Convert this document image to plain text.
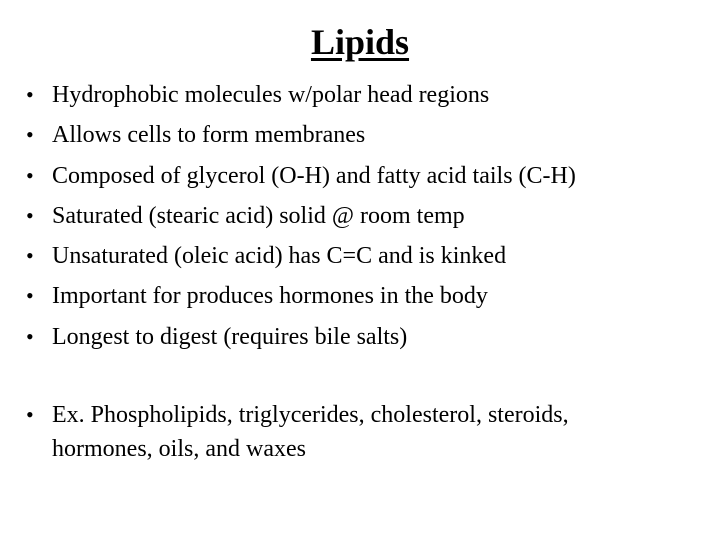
Lipids
• Hydrophobic molecules w/polar head regions
• Allows cells to form membranes
• Composed of glycerol (O-H) and fatty acid tails (C-H)
• Saturated (stearic acid) solid @ room temp
• Unsaturated (oleic acid) has C=C and is kinked
• Important for produces hormones in the body
• Longest to digest (requires bile salts)
• Ex. Phospholipids, triglycerides, cholesterol, steroids,
hormones, oils, and waxes
